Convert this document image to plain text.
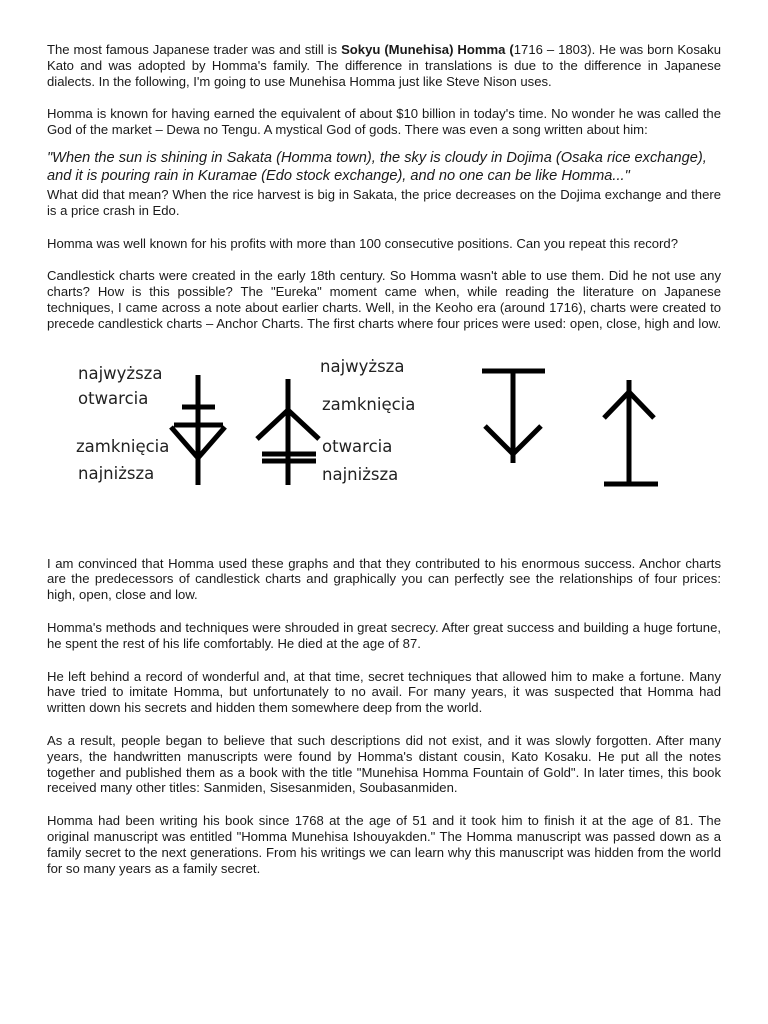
The most famous Japanese trader was and still is Sokyu (Munehisa) Homma (1716 – 1803). He was born Kosaku Kato and was adopted by Homma's family. The difference in translations is due to the difference in Japanese dialects. In the following, I'm going to use Munehisa Homma just like Steve Nison uses.

Homma is known for having earned the equivalent of about $10 billion in today's time. No wonder he was called the God of the market – Dewa no Tengu. A mystical God of gods. There was even a song written about him:

"When the sun is shining in Sakata (Homma town), the sky is cloudy in Dojima (Osaka rice exchange), and it is pouring rain in Kuramae (Edo stock exchange), and no one can be like Homma..."

What did that mean? When the rice harvest is big in Sakata, the price decreases on the Dojima exchange and there is a price crash in Edo.

Homma was well known for his profits with more than 100 consecutive positions. Can you repeat this record?

Candlestick charts were created in the early 18th century. So Homma wasn't able to use them. Did he not use any charts? How is this possible? The "Eureka" moment came when, while reading the literature on Japanese techniques, I came across a note about earlier charts. Well, in the Keoho era (around 1716), charts were created to precede candlestick charts – Anchor Charts. The first charts where four prices were used: open, close, high and low.

najwyższa
otwarcia
zamknięcia
najniższa
najwyższa
zamknięcia
otwarcia
najniższa

I am convinced that Homma used these graphs and that they contributed to his enormous success. Anchor charts are the predecessors of candlestick charts and graphically you can perfectly see the relationships of four prices: high, open, close and low.

Homma's methods and techniques were shrouded in great secrecy. After great success and building a huge fortune, he spent the rest of his life comfortably. He died at the age of 87.

He left behind a record of wonderful and, at that time, secret techniques that allowed him to make a fortune. Many have tried to imitate Homma, but unfortunately to no avail. For many years, it was suspected that Homma had written down his secrets and hidden them somewhere deep from the world.

As a result, people began to believe that such descriptions did not exist, and it was slowly forgotten. After many years, the handwritten manuscripts were found by Homma's distant cousin, Kato Kosaku. He put all the notes together and published them as a book with the title "Munehisa Homma Fountain of Gold". In later times, this book received many other titles: Sanmiden, Sisesanmiden, Soubasanmiden.

Homma had been writing his book since 1768 at the age of 51 and it took him to finish it at the age of 81. The original manuscript was entitled "Homma Munehisa Ishouyakden." The Homma manuscript was passed down as a family secret to the next generations. From his writings we can learn why this manuscript was hidden from the world for so many years as a family secret.
